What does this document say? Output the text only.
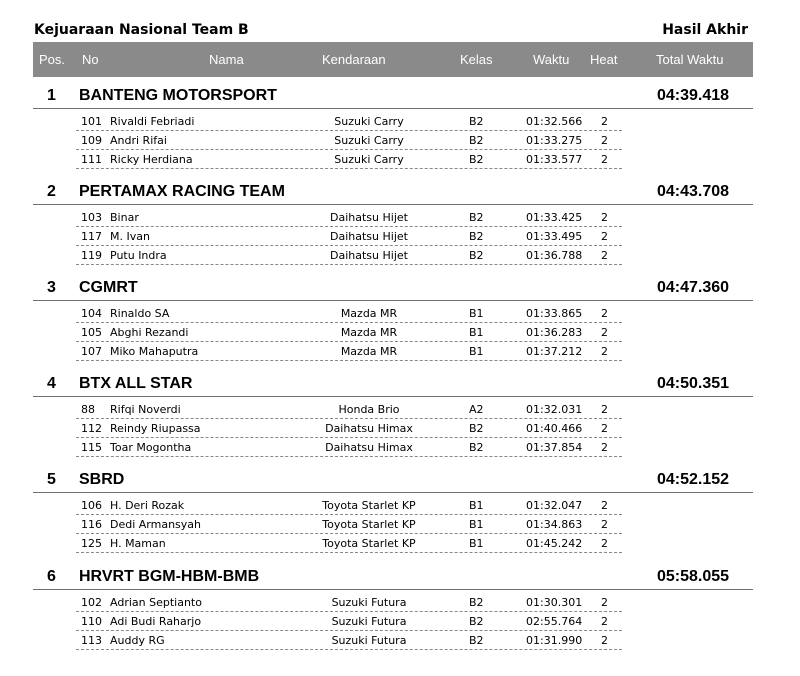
Kejuaraan Nasional Team B	Hasil Akhir
Pos. No	Nama	Kendaraan	Kelas	Waktu Heat	Total Waktu
1 BANTENG MOTORSPORT	04:39.418
101 Rivaldi Febriadi	Suzuki Carry	B2	01:32.566 2
109 Andri Rifai	Suzuki Carry	B2	01:33.275 2
111 Ricky Herdiana	Suzuki Carry	B2	01:33.577 2
2 PERTAMAX RACING TEAM	04:43.708
103 Binar	Daihatsu Hijet	B2	01:33.425 2
117 M. Ivan	Daihatsu Hijet	B2	01:33.495 2
119 Putu Indra	Daihatsu Hijet	B2	01:36.788 2
3 CGMRT	04:47.360
104 Rinaldo SA	Mazda MR	B1	01:33.865 2
105 Abghi Rezandi	Mazda MR	B1	01:36.283 2
107 Miko Mahaputra	Mazda MR	B1	01:37.212 2
4 BTX ALL STAR	04:50.351
88 Rifqi Noverdi	Honda Brio	A2	01:32.031 2
112 Reindy Riupassa	Daihatsu Himax	B2	01:40.466 2
115 Toar Mogontha	Daihatsu Himax	B2	01:37.854 2
5 SBRD	04:52.152
106 H. Deri Rozak	Toyota Starlet KP	B1	01:32.047 2
116 Dedi Armansyah	Toyota Starlet KP	B1	01:34.863 2
125 H. Maman	Toyota Starlet KP	B1	01:45.242 2
6 HRVRT BGM-HBM-BMB	05:58.055
102 Adrian Septianto	Suzuki Futura	B2	01:30.301 2
110 Adi Budi Raharjo	Suzuki Futura	B2	02:55.764 2
113 Auddy RG	Suzuki Futura	B2	01:31.990 2
